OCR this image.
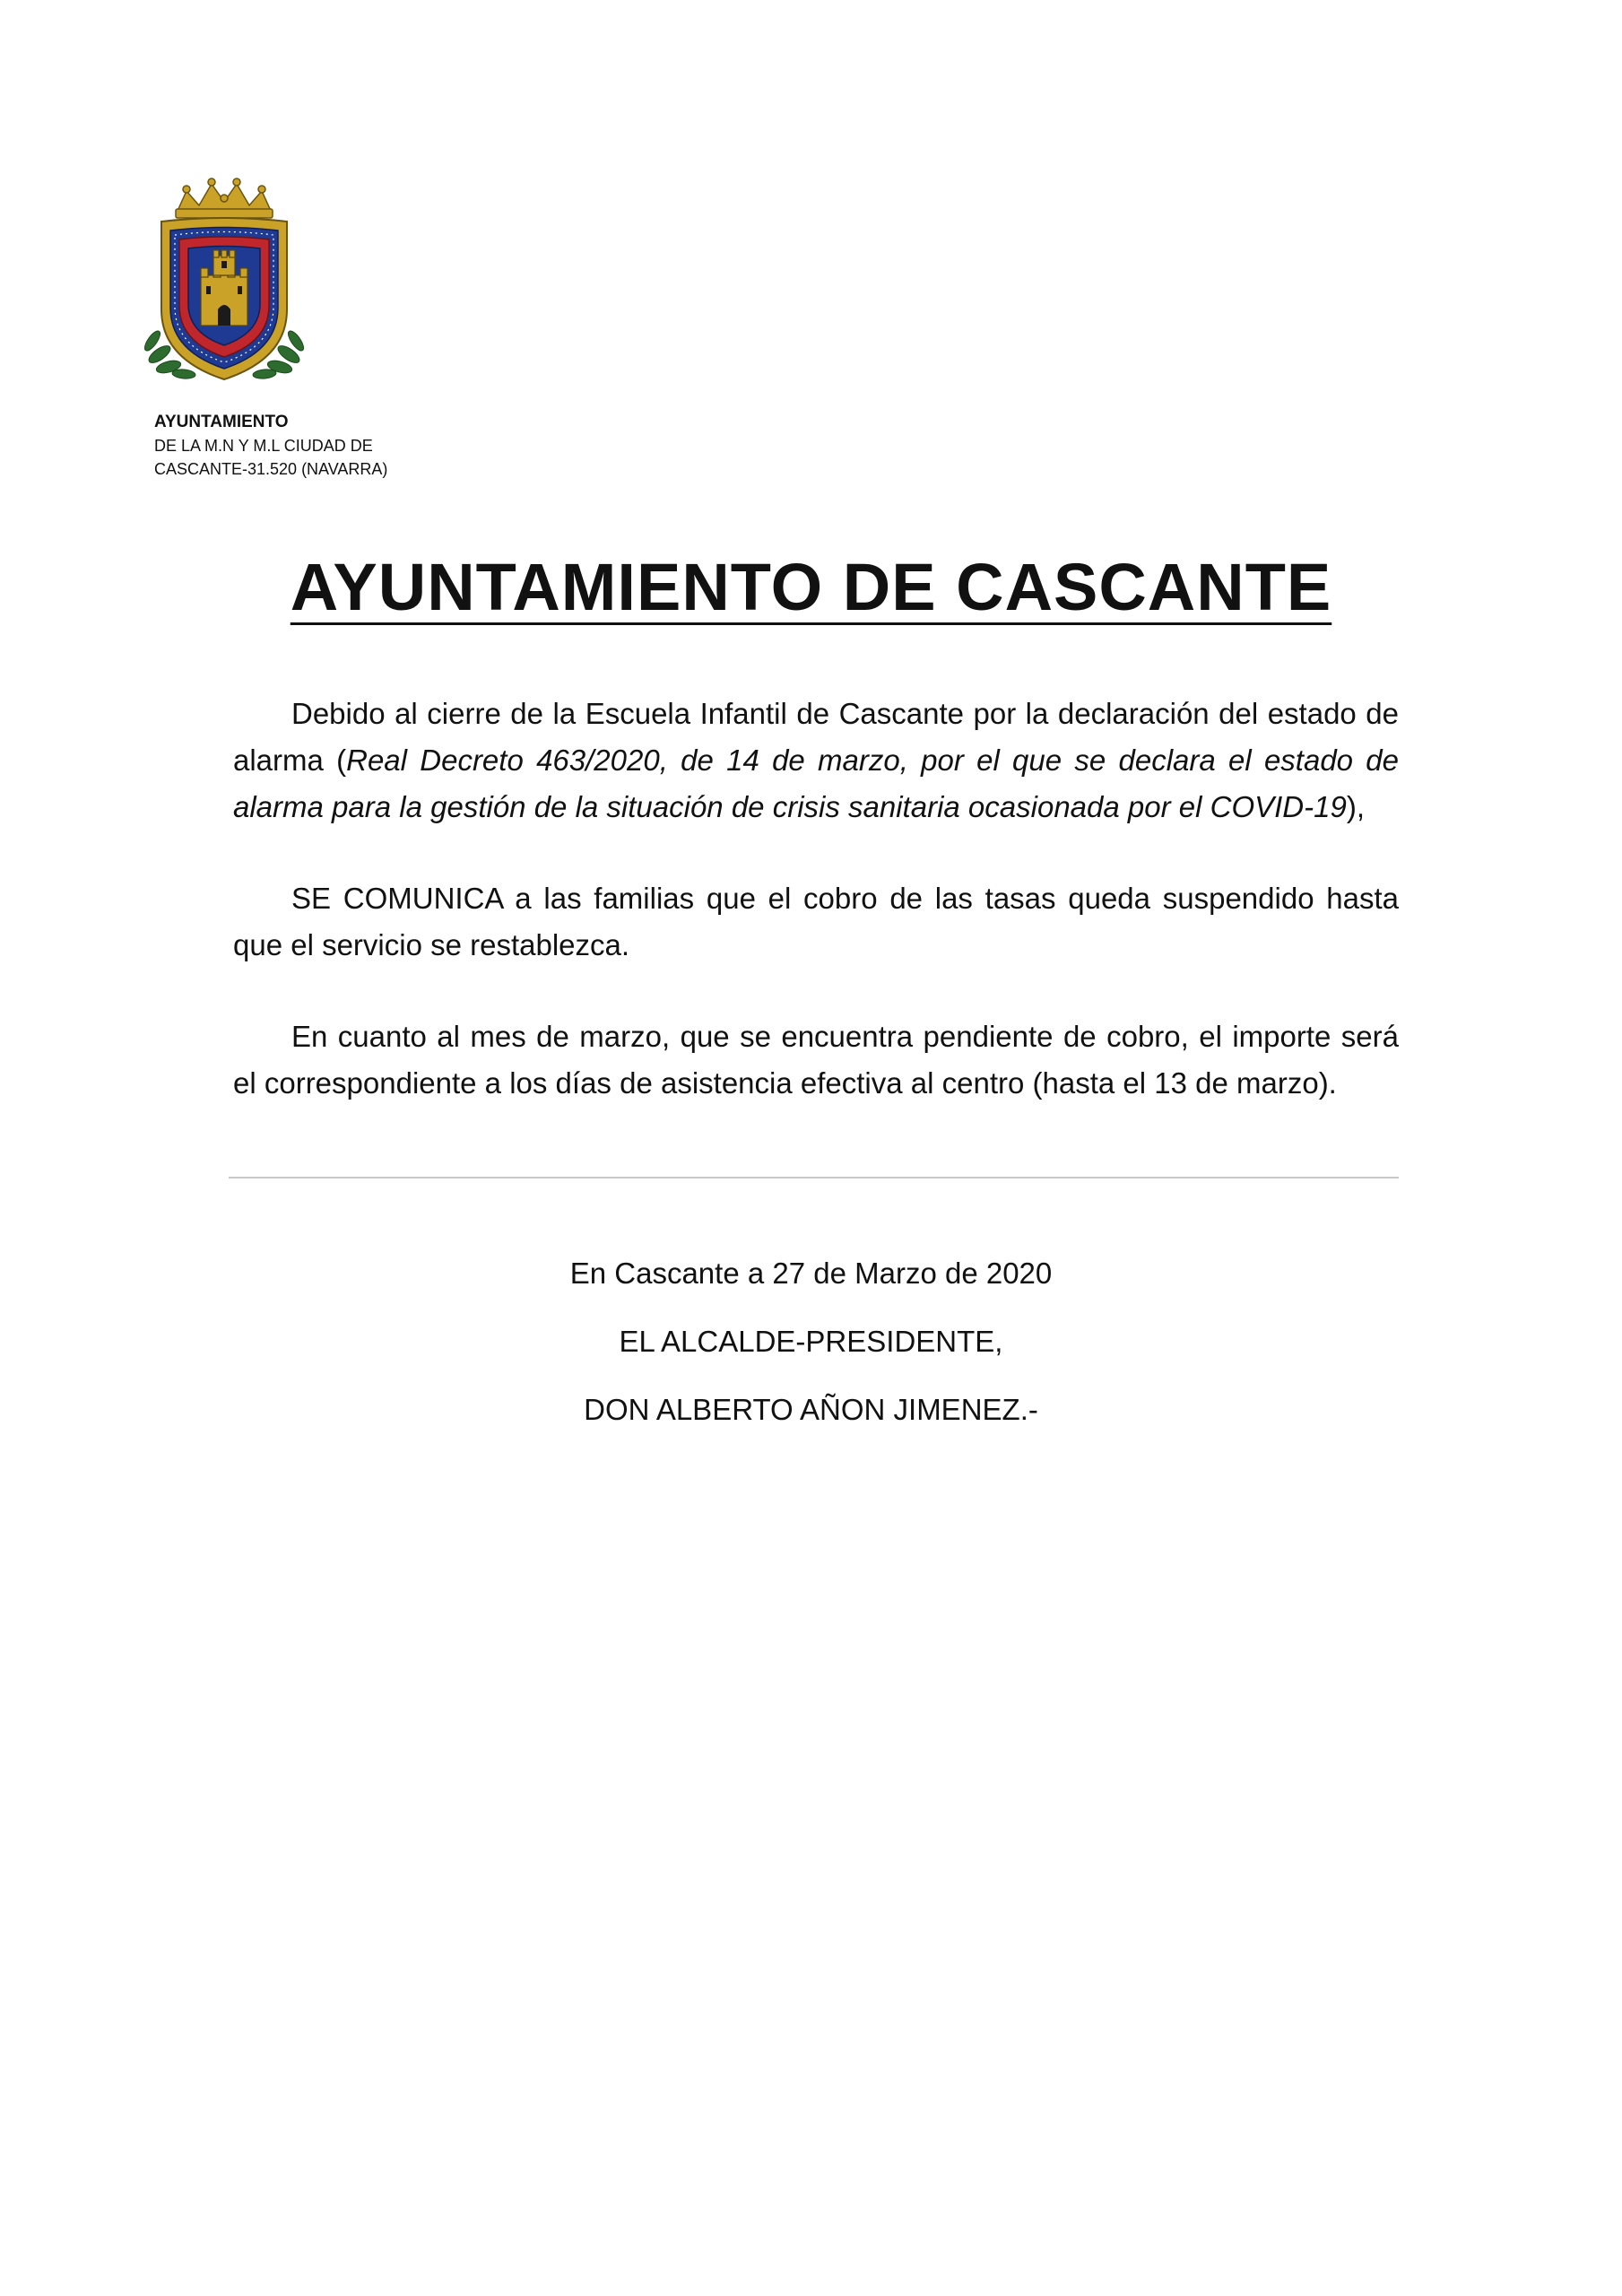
AYUNTAMIENTO
DE LA M.N Y M.L CIUDAD DE
CASCANTE-31.520 (NAVARRA)
AYUNTAMIENTO DE CASCANTE

Debido al cierre de la Escuela Infantil de Cascante por la declaración del estado de alarma (Real Decreto 463/2020, de 14 de marzo, por el que se declara el estado de alarma para la gestión de la situación de crisis sanitaria ocasionada por el COVID-19),

SE COMUNICA a las familias que el cobro de las tasas queda suspendido hasta que el servicio se restablezca.

En cuanto al mes de marzo, que se encuentra pendiente de cobro, el importe será el correspondiente a los días de asistencia efectiva al centro (hasta el 13 de marzo).

En Cascante a 27 de Marzo de 2020
EL ALCALDE-PRESIDENTE,
DON ALBERTO AÑON JIMENEZ.-
